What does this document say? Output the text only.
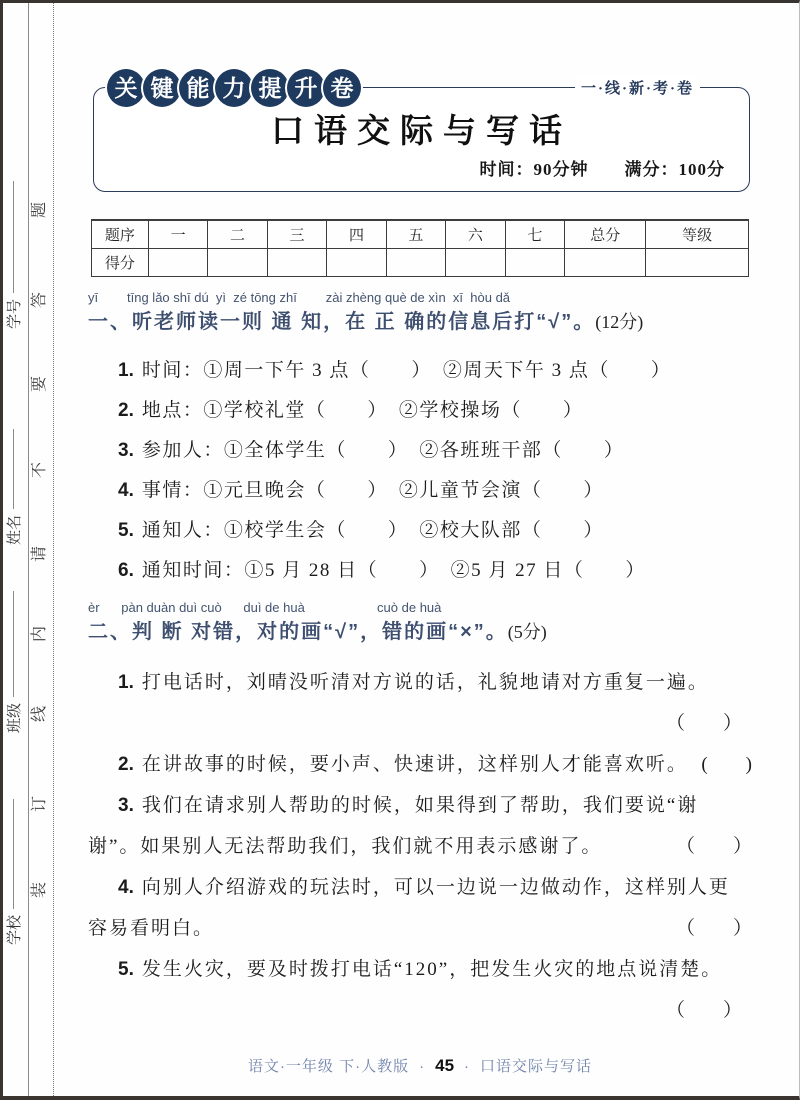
题
答
要
不
请
内
线
订
装
学号
姓名
班级
学校
口语交际与写话
时间：90分钟　　满分：100分
关 键 能 力 提 升 卷	一·线·新·考·卷
题序	一	二	三	四	五	六	七	总分	等级
得分									
yī        tīng lǎo shī dú  yì  zé tōng zhī        zài zhèng què de xìn  xī  hòu dǎ
一、听老师读一则 通 知，在 正 确的信息后打“√”。(12分)
1. 时间：①周一下午 3 点（　　）　②周天下午 3 点（　　）
2. 地点：①学校礼堂（　　）　②学校操场（　　）
3. 参加人：①全体学生（　　）　②各班班干部（　　）
4. 事情：①元旦晚会（　　）　②儿童节会演（　　）
5. 通知人：①校学生会（　　）　②校大队部（　　）
6. 通知时间：①5 月 28 日（　　）　②5 月 27 日（　　）
èr      pàn duàn duì cuò      duì de huà                    cuò de huà
二、判 断 对错，对的画“√”，错的画“×”。(5分)
1. 打电话时，刘晴没听清对方说的话，礼貌地请对方重复一遍。
（　　）
2. 在讲故事的时候，要小声、快速讲，这样别人才能喜欢听。 (　　)
3. 我们在请求别人帮助的时候，如果得到了帮助，我们要说“谢
谢”。如果别人无法帮助我们，我们就不用表示感谢了。	（　　）
4. 向别人介绍游戏的玩法时，可以一边说一边做动作，这样别人更
容易看明白。	（　　）
5. 发生火灾，要及时拨打电话“120”，把发生火灾的地点说清楚。
（　　）
语文·一年级 下·人教版 · 45 · 口语交际与写话
